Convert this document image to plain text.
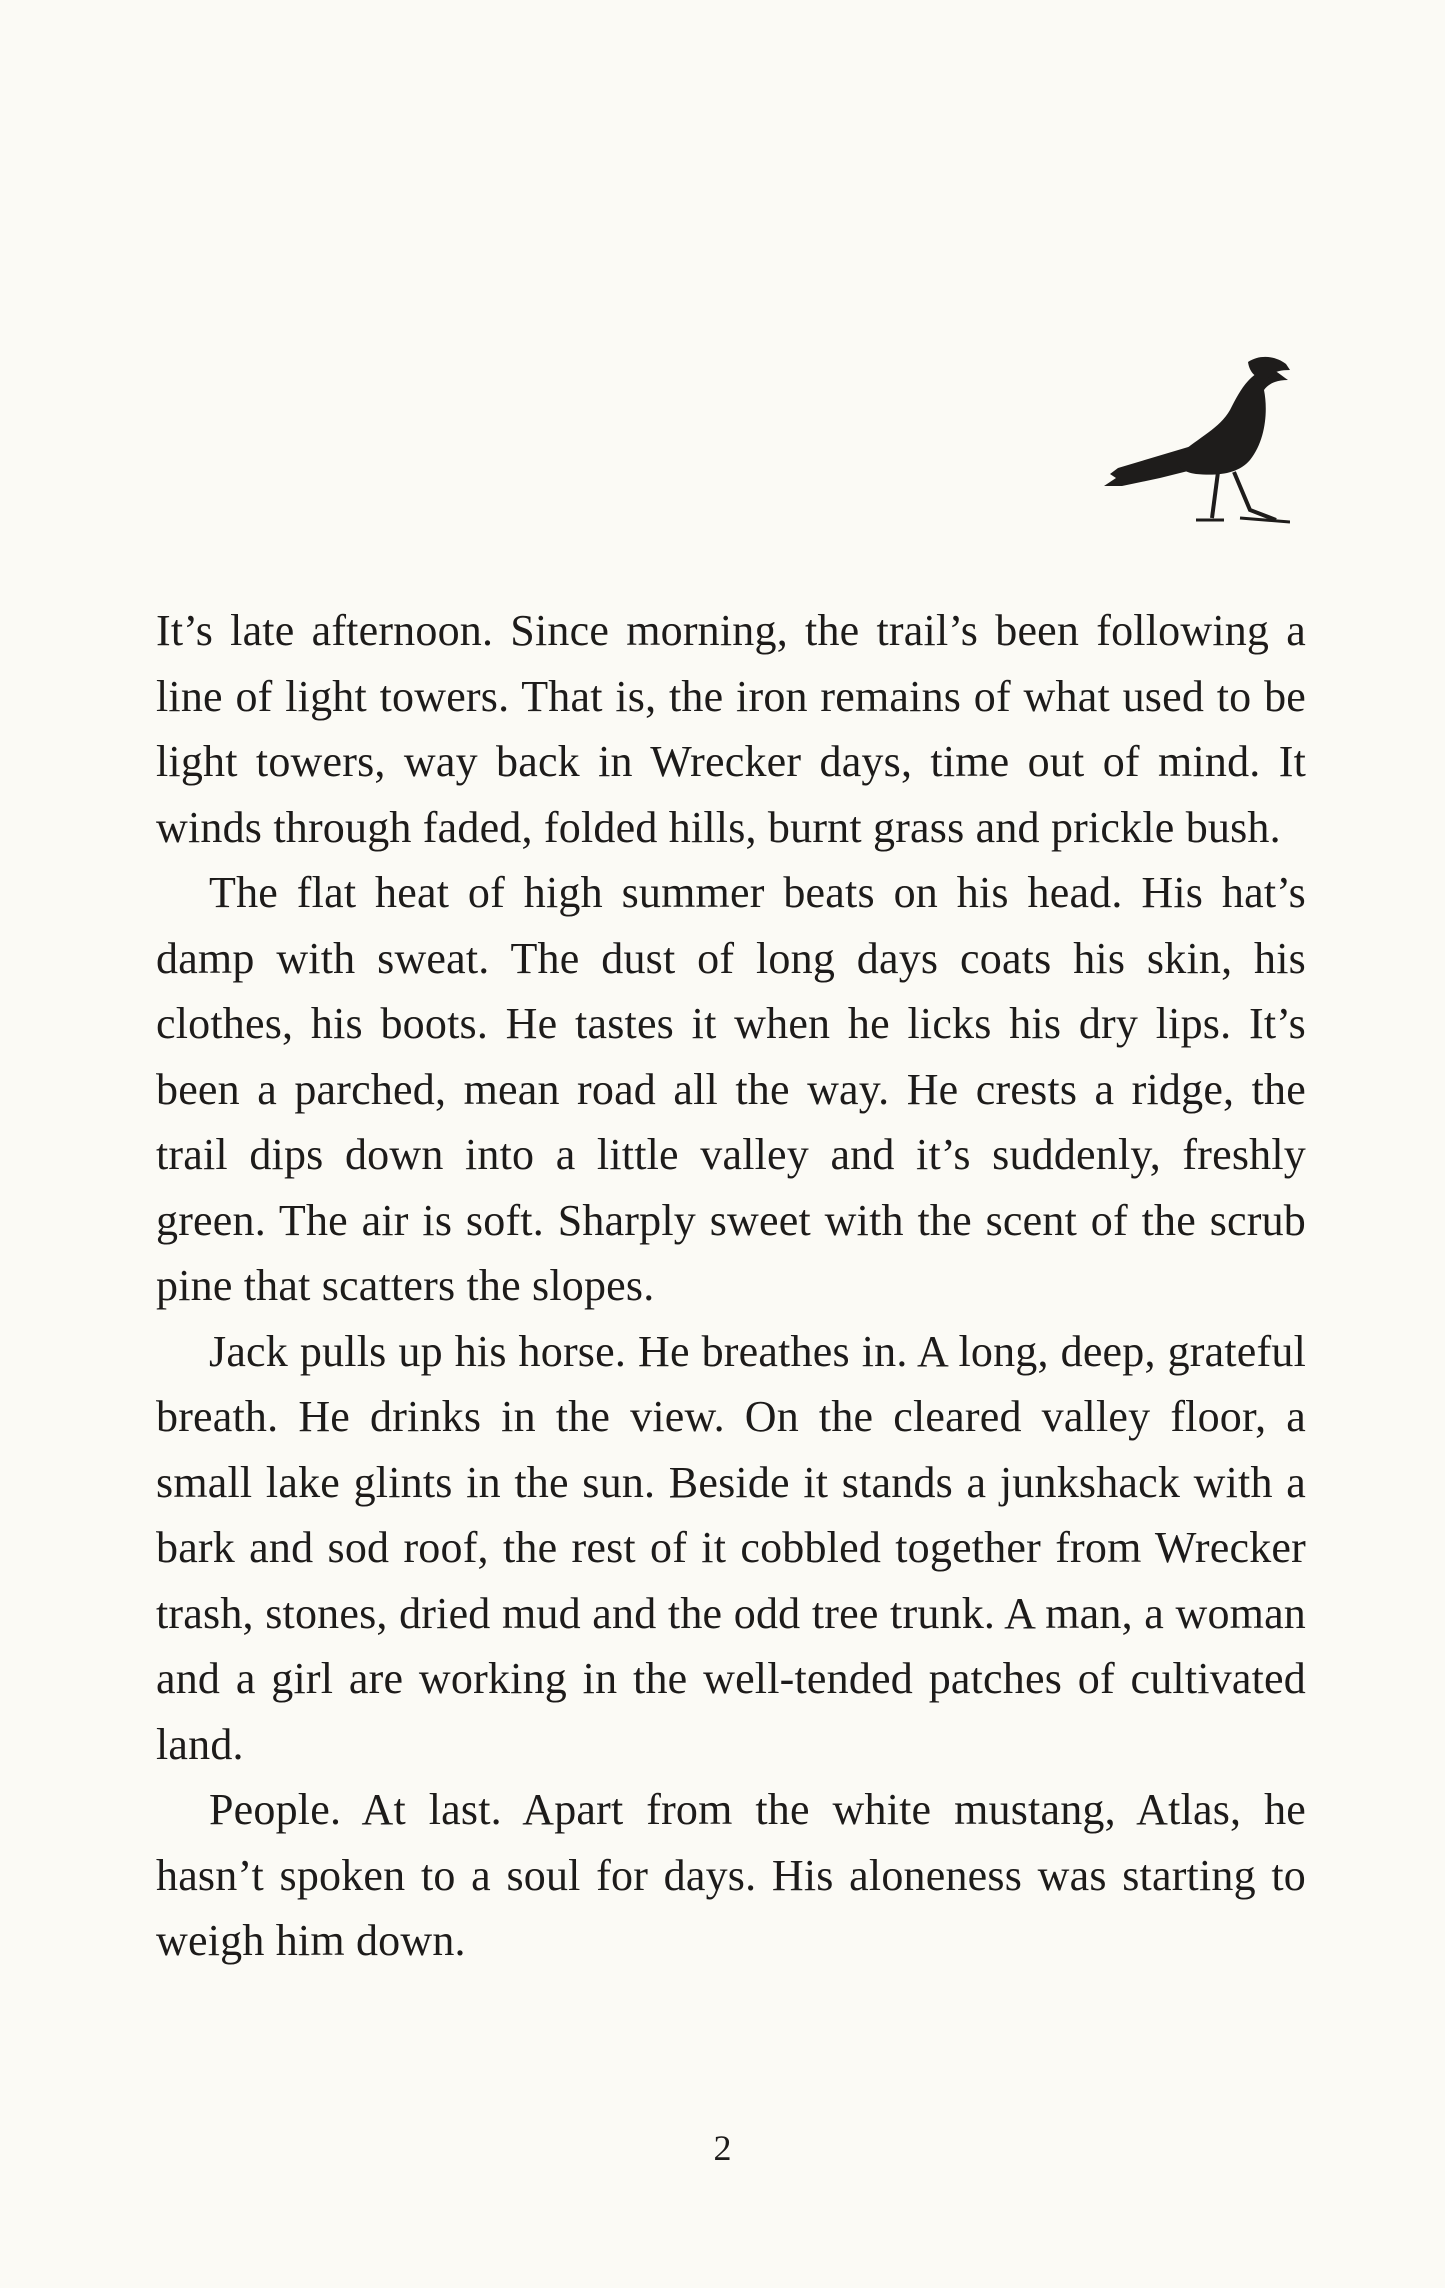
It’s late afternoon. Since morning, the trail’s been following a line of light towers. That is, the iron remains of what used to be light towers, way back in Wrecker days, time out of mind. It winds through faded, folded hills, burnt grass and prickle bush.

The flat heat of high summer beats on his head. His hat’s damp with sweat. The dust of long days coats his skin, his clothes, his boots. He tastes it when he licks his dry lips. It’s been a parched, mean road all the way. He crests a ridge, the trail dips down into a little valley and it’s suddenly, freshly green. The air is soft. Sharply sweet with the scent of the scrub pine that scatters the slopes.

Jack pulls up his horse. He breathes in. A long, deep, grateful breath. He drinks in the view. On the cleared valley floor, a small lake glints in the sun. Beside it stands a junkshack with a bark and sod roof, the rest of it cobbled together from Wrecker trash, stones, dried mud and the odd tree trunk. A man, a woman and a girl are working in the well-tended patches of cultivated land.

People. At last. Apart from the white mustang, Atlas, he hasn’t spoken to a soul for days. His aloneness was starting to weigh him down.

2
